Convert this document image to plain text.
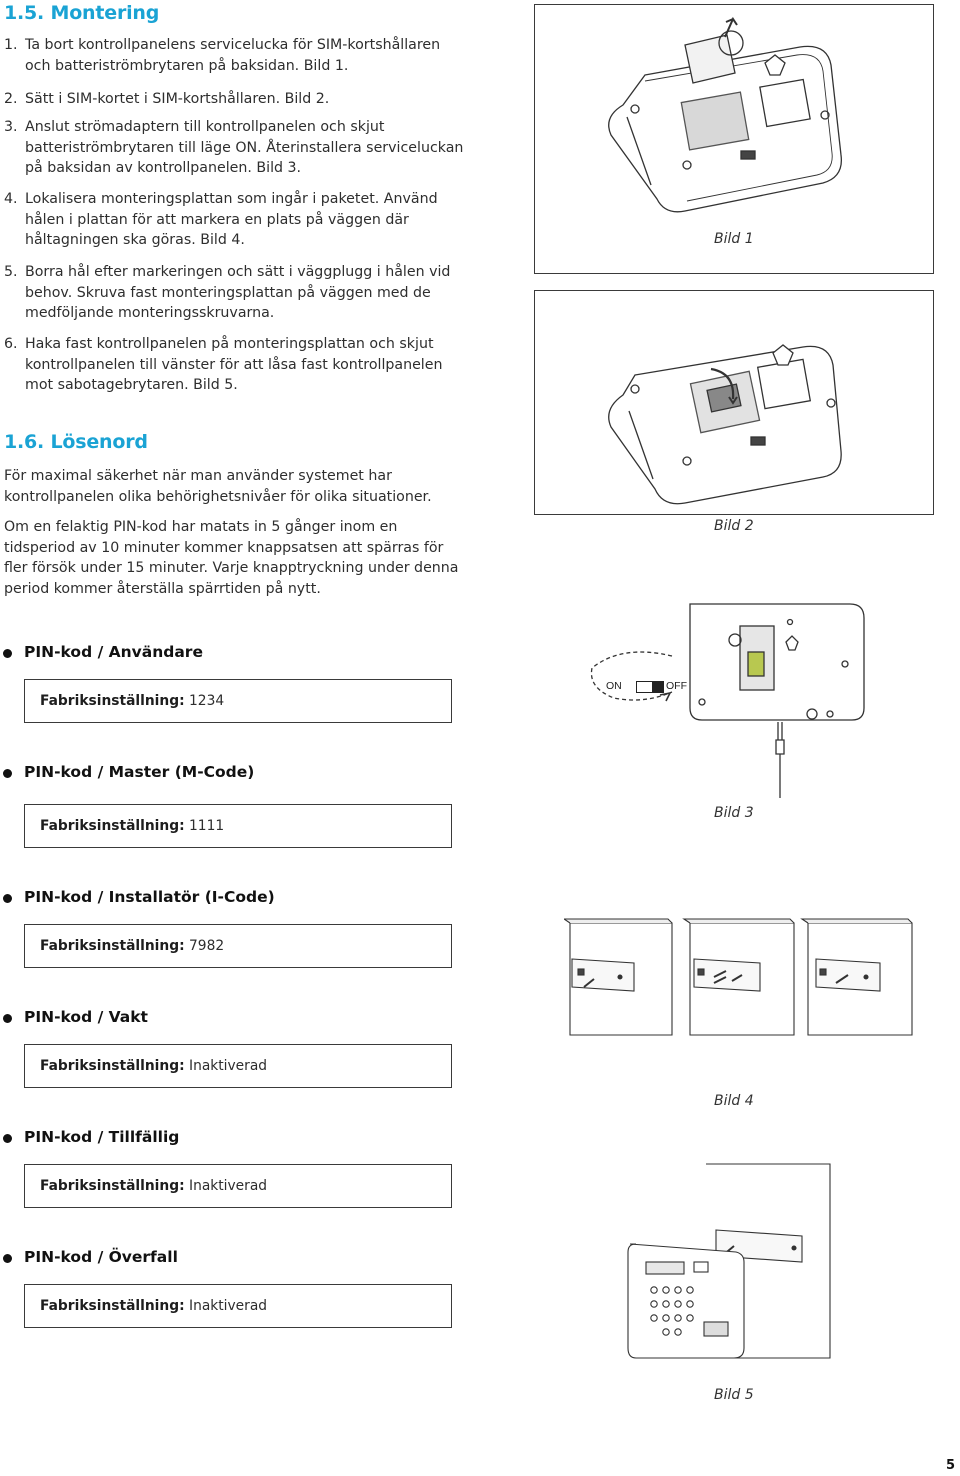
1.5. Montering
1. Ta bort kontrollpanelens servicelucka för SIM-kortshållaren
och batteriströmbrytaren på baksidan. Bild 1.
2. Sätt i SIM-kortet i SIM-kortshållaren. Bild 2.
3. Anslut strömadaptern till kontrollpanelen och skjut
batteriströmbrytaren till läge ON. Återinstallera serviceluckan
på baksidan av kontrollpanelen. Bild 3.
4. Lokalisera monteringsplattan som ingår i paketet. Använd
hålen i plattan för att markera en plats på väggen där
håltagningen ska göras. Bild 4.
5. Borra hål efter markeringen och sätt i väggplugg i hålen vid
behov. Skruva fast monteringsplattan på väggen med de
medföljande monteringsskruvarna.
6. Haka fast kontrollpanelen på monteringsplattan och skjut
kontrollpanelen till vänster för att låsa fast kontrollpanelen
mot sabotagebrytaren. Bild 5.
1.6. Lösenord
För maximal säkerhet när man använder systemet har
kontrollpanelen olika behörighetsnivåer för olika situationer.
Om en felaktig PIN-kod har matats in 5 gånger inom en
tidsperiod av 10 minuter kommer knappsatsen att spärras för
fler försök under 15 minuter. Varje knapptryckning under denna
period kommer återställa spärrtiden på nytt.
PIN-kod / Användare
Fabriksinställning:
1234
PIN-kod / Master (M-Code)
Fabriksinställning:
1111
PIN-kod / Installatör (I-Code)
Fabriksinställning:
7982
PIN-kod / Vakt
Fabriksinställning:
Inaktiverad
PIN-kod / Tillfällig
Fabriksinställning:
Inaktiverad
PIN-kod / Överfall
Fabriksinställning:
Inaktiverad
Bild 1
Bild 2
ON	OFF
Bild 3
Bild 4
Bild 5
5
